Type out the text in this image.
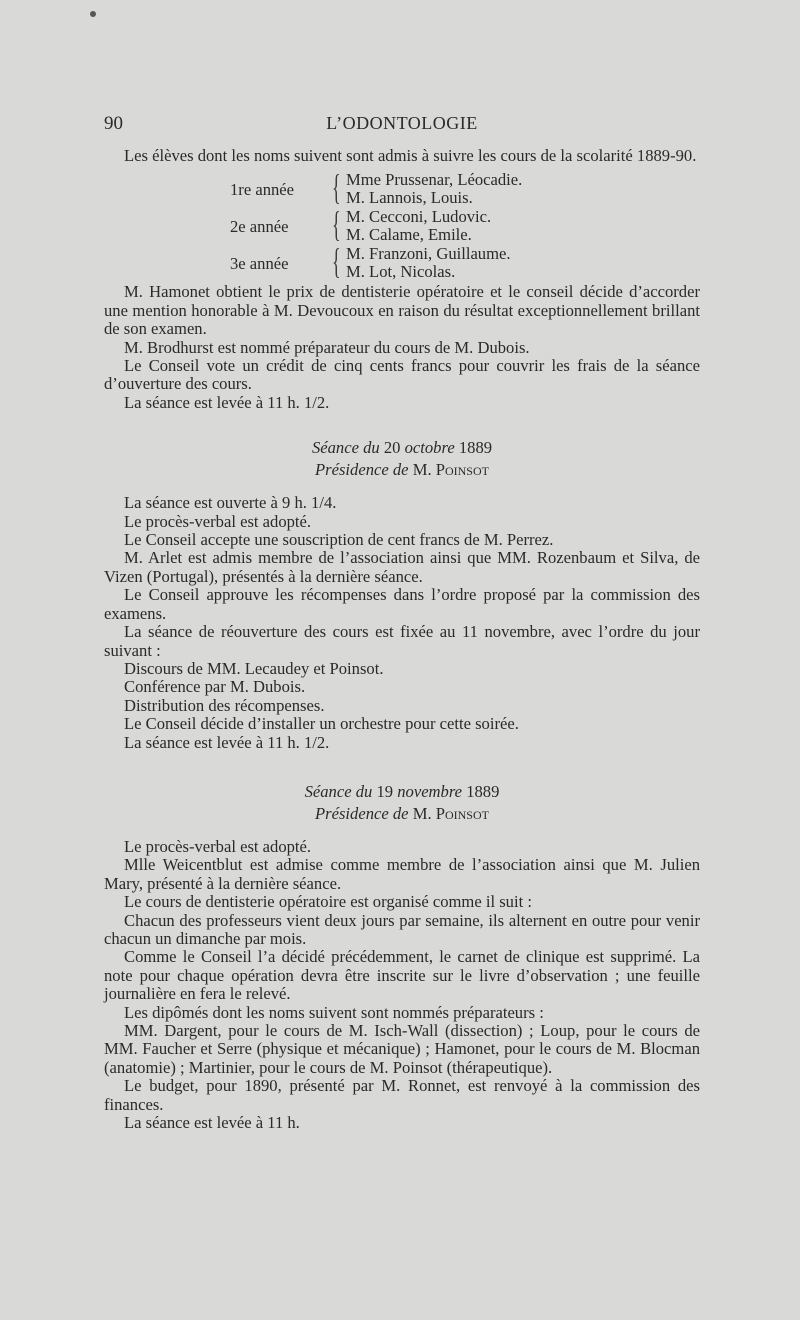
90	L’ODONTOLOGIE

Les élèves dont les noms suivent sont admis à suivre les cours de la scolarité 1889-90.

1re année { Mme Prussenar, Léocadie.
M. Lannois, Louis.
2e année { M. Cecconi, Ludovic.
M. Calame, Emile.
3e année { M. Franzoni, Guillaume.
M. Lot, Nicolas.

M. Hamonet obtient le prix de dentisterie opératoire et le conseil décide d’accorder une mention honorable à M. Devoucoux en raison du résultat exceptionnellement brillant de son examen.

M. Brodhurst est nommé préparateur du cours de M. Dubois.

Le Conseil vote un crédit de cinq cents francs pour couvrir les frais de la séance d’ouverture des cours.

La séance est levée à 11 h. 1/2.

Séance du 20 octobre 1889
Présidence de M. Poinsot

La séance est ouverte à 9 h. 1/4.

Le procès-verbal est adopté.

Le Conseil accepte une souscription de cent francs de M. Perrez.

M. Arlet est admis membre de l’association ainsi que MM. Rozenbaum et Silva, de Vizen (Portugal), présentés à la dernière séance.

Le Conseil approuve les récompenses dans l’ordre proposé par la commission des examens.

La séance de réouverture des cours est fixée au 11 novembre, avec l’ordre du jour suivant :

Discours de MM. Lecaudey et Poinsot.

Conférence par M. Dubois.

Distribution des récompenses.

Le Conseil décide d’installer un orchestre pour cette soirée.

La séance est levée à 11 h. 1/2.

Séance du 19 novembre 1889
Présidence de M. Poinsot

Le procès-verbal est adopté.

Mlle Weicentblut est admise comme membre de l’association ainsi que M. Julien Mary, présenté à la dernière séance.

Le cours de dentisterie opératoire est organisé comme il suit :

Chacun des professeurs vient deux jours par semaine, ils alternent en outre pour venir chacun un dimanche par mois.

Comme le Conseil l’a décidé précédemment, le carnet de clinique est supprimé. La note pour chaque opération devra être inscrite sur le livre d’observation ; une feuille journalière en fera le relevé.

Les dipômés dont les noms suivent sont nommés préparateurs :

MM. Dargent, pour le cours de M. Isch-Wall (dissection) ; Loup, pour le cours de MM. Faucher et Serre (physique et mécanique) ; Hamonet, pour le cours de M. Blocman (anatomie) ; Martinier, pour le cours de M. Poinsot (thérapeutique).

Le budget, pour 1890, présenté par M. Ronnet, est renvoyé à la commission des finances.

La séance est levée à 11 h.
